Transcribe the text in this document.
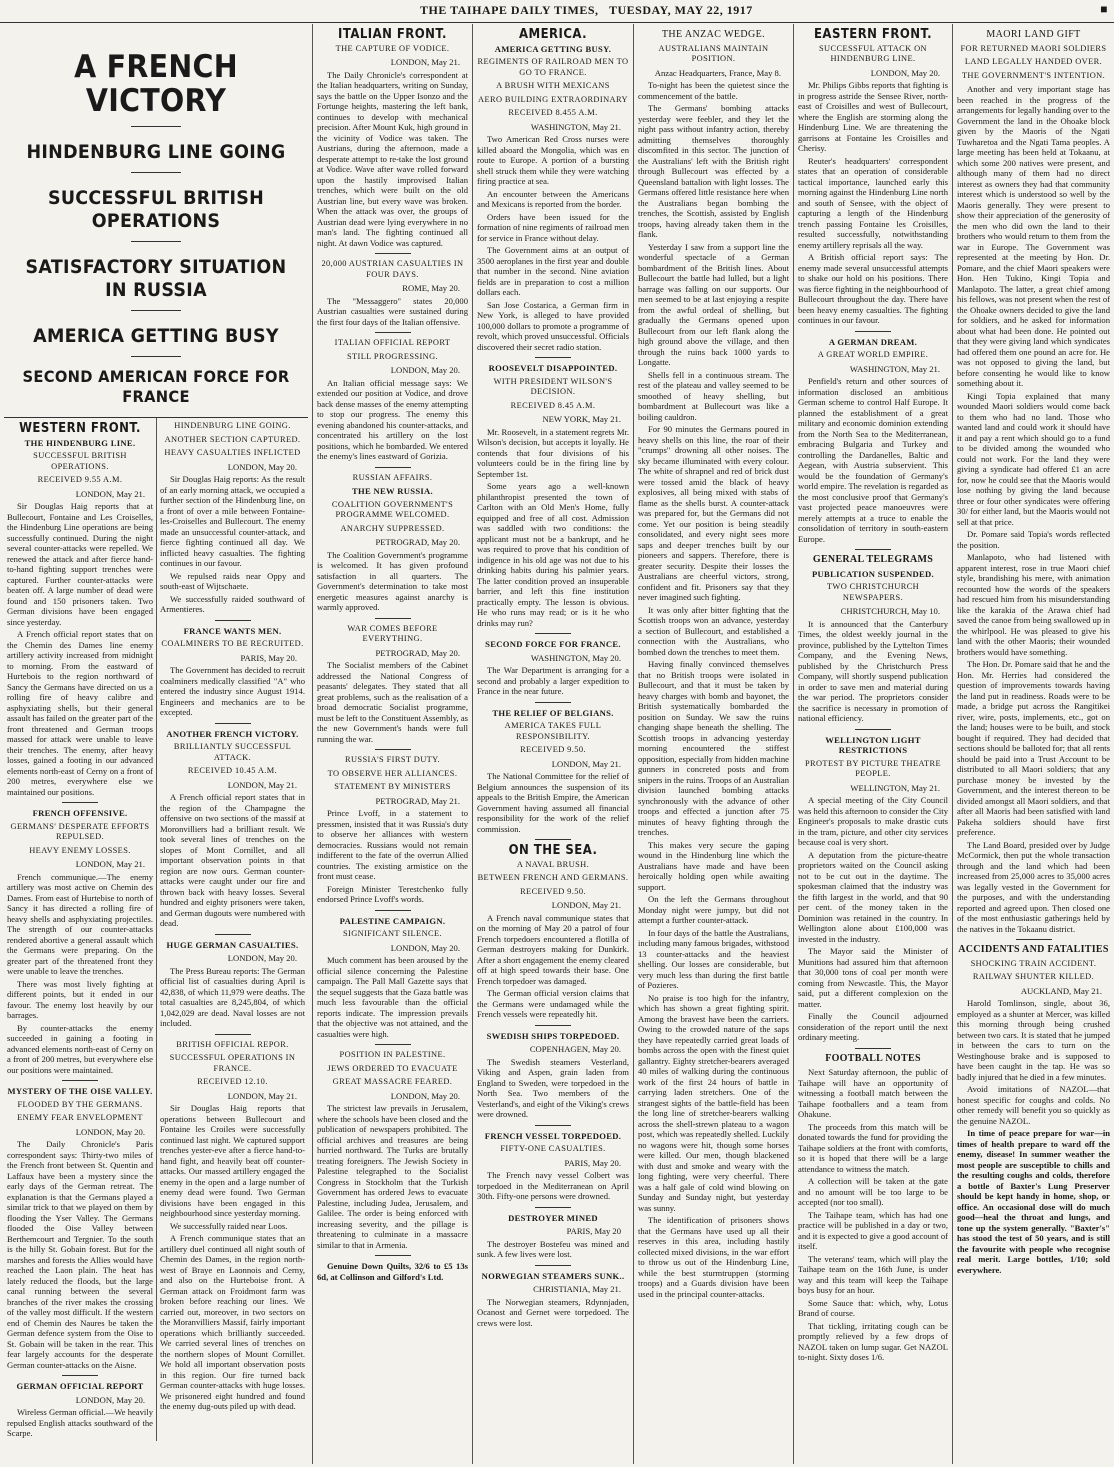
THE TAIHAPE DAILY TIMES, TUESDAY, MAY 22, 1917	■
A FRENCH VICTORY
HINDENBURG LINE GOING
SUCCESSFUL BRITISH OPERATIONS
SATISFACTORY SITUATION IN RUSSIA
AMERICA GETTING BUSY
SECOND AMERICAN FORCE FOR FRANCE
WESTERN FRONT.
THE HINDENBURG LINE.
SUCCESSFUL BRITISH OPERATIONS.
RECEIVED 9.55 A.M.
LONDON, May 21.

Sir Douglas Haig reports that at Bullecourt, Fontaine and Les Croiselles, the Hindenburg Line operations are being successfully continued. During the night several counter-attacks were repelled. We renewed the attack and after fierce hand-to-hand fighting support trenches were captured. Further counter-attacks were beaten off. A large number of dead were found and 150 prisoners taken. Two German divisions have been engaged since yesterday.

A French official report states that on the Chemin des Dames line enemy artillery activity increased from midnight to morning. From the eastward of Hurtebois to the region northward of Sancy the Germans have directed on us a rolling fire of heavy calibre and asphyxiating shells, but their general assault has failed on the greater part of the front threatened and German troops massed for attack were unable to leave their trenches. The enemy, after heavy losses, gained a footing in our advanced elements north-east of Cerny on a front of 200 metres, everywhere else we maintained our positions.

FRENCH OFFENSIVE.
GERMANS' DESPERATE EFFORTS REPULSED.
HEAVY ENEMY LOSSES.
LONDON, May 21.

French communique.—The enemy artillery was most active on Chemin des Dames. From east of Hurtebise to north of Sancy it has directed a rolling fire of heavy shells and asphyxiating projectiles. The strength of our counter-attacks rendered abortive a general assault which the Germans were preparing. On the greater part of the threatened front they were unable to leave the trenches.

There was most lively fighting at different points, but it ended in our favour. The enemy lost heavily by our barrages.

By counter-attacks the enemy succeeded in gaining a footing in advanced elements north-east of Cerny on a front of 200 metres, but everywhere else our positions were maintained.

MYSTERY OF THE OISE VALLEY.
FLOODED BY THE GERMANS.
ENEMY FEAR ENVELOPMENT
LONDON, May 20.

The Daily Chronicle's Paris correspondent says: Thirty-two miles of the French front between St. Quentin and Laffaux have been a mystery since the early days of the German retreat. The explanation is that the Germans played a similar trick to that we played on them by flooding the Yser Valley. The Germans flooded the Oise Valley between Berthemcourt and Tergnier. To the south is the hilly St. Gobain forest. But for the marshes and forests the Allies would have reached the Laon plain. The heat has lately reduced the floods, but the large canal running between the several branches of the river makes the crossing of the valley most difficult. If the western end of Chemin des Naures be taken the German defence system from the Oise to St. Gobain will be taken in the rear. This fear largely accounts for the desperate German counter-attacks on the Aisne.

GERMAN OFFICIAL REPORT
LONDON, May 20.

Wireless German official.—We heavily repulsed English attacks southward of the Scarpe.

HINDENBURG LINE GOING.
ANOTHER SECTION CAPTURED.
HEAVY CASUALTIES INFLICTED
LONDON, May 20.

Sir Douglas Haig reports: As the result of an early morning attack, we occupied a further section of the Hindenburg line, on a front of over a mile between Fontaine-les-Croiselles and Bullecourt. The enemy made an unsuccessful counter-attack, and fierce fighting continued all day. We inflicted heavy casualties. The fighting continues in our favour.

We repulsed raids near Oppy and south-east of Wijtschaete.

We successfully raided southward of Armentieres.

FRANCE WANTS MEN.
COALMINERS TO BE RECRUITED.
PARIS, May 20.

The Government has decided to recruit coalminers medically classified "A" who entered the industry since August 1914. Engineers and mechanics are to be excepted.

ANOTHER FRENCH VICTORY.
BRILLIANTLY SUCCESSFUL ATTACK.
RECEIVED 10.45 A.M.
LONDON, May 21.

A French official report states that in the region of the Champagne the offensive on two sections of the massif at Moronvilliers had a brilliant result. We took several lines of trenches on the slopes of Mont Cornillet, and all important observation points in that region are now ours. German counter-attacks were caught under our fire and thrown back with heavy losses. Several hundred and eighty prisoners were taken, and German dugouts were numbered with dead.

HUGE GERMAN CASUALTIES.
LONDON, May 20.

The Press Bureau reports: The German official list of casualties during April is 42,838, of which 11,979 were deaths. The total casualties are 8,245,804, of which 1,042,029 are dead. Naval losses are not included.

BRITISH OFFICIAL REPOR.
SUCCESSFUL OPERATIONS IN FRANCE.
RECEIVED 12.10.
LONDON, May 21.

Sir Douglas Haig reports that operations between Bullecourt and Fontaine les Croiles were successfully continued last night. We captured support trenches yester-eve after a fierce hand-to-hand fight, and heavily beat off counter-attacks. Our massed artillery engaged the enemy in the open and a large number of enemy dead were found. Two German divisions have been engaged in this neighbourhood since yesterday morning.

We successfully raided near Loos.

A French communique states that an artillery duel continued all night south of Chemin des Dames, in the region north-west of Braye en Laonnois and Cerny, and also on the Hurteboise front. A German attack on Froidmont farm was broken before reaching our lines. We carried out, moreover, in two sectors on the Moranvilliers Massif, fairly important operations which brilliantly succeeded. We carried several lines of trenches on the northern slopes of Mount Cornillet. We hold all important observation posts in this region. Our fire turned back German counter-attacks with huge losses. We prisonered eight hundred and found the enemy dug-outs piled up with dead.

ITALIAN FRONT.
THE CAPTURE OF VODICE.
LONDON, May 21.

The Daily Chronicle's correspondent at the Italian headquarters, writing on Sunday, says the battle on the Upper Isonzo and the Fortunge heights, mastering the left bank, continues to develop with mechanical precision. After Mount Kuk, high ground in the vicinity of Vodice was taken. The Austrians, during the afternoon, made a desperate attempt to re-take the lost ground at Vodice. Wave after wave rolled forward upon the hastily improvised Italian trenches, which were built on the old Austrian line, but every wave was broken. When the attack was over, the groups of Austrian dead were lying everywhere in no man's land. The fighting continued all night. At dawn Vodice was captured.

20,000 AUSTRIAN CASUALTIES IN FOUR DAYS.
ROME, May 20.

The "Messaggero" states 20,000 Austrian casualties were sustained during the first four days of the Italian offensive.

ITALIAN OFFICIAL REPORT
STILL PROGRESSING.
LONDON, May 20.

An Italian official message says: We extended our position at Vodice, and drove back dense masses of the enemy attempting to stop our progress. The enemy this evening abandoned his counter-attacks, and concentrated his artillery on the lost positions, which he bombarded. We entered the enemy's lines eastward of Gorizia.

RUSSIAN AFFAIRS.
THE NEW RUSSIA.
COALITION GOVERNMENT'S PROGRAMME WELCOMED.
ANARCHY SUPPRESSED.
PETROGRAD, May 20.

The Coalition Government's programme is welcomed. It has given profound satisfaction in all quarters. The Government's determination to take most energetic measures against anarchy is warmly approved.

WAR COMES BEFORE EVERYTHING.
PETROGRAD, May 20.

The Socialist members of the Cabinet addressed the National Congress of peasants' delegates. They stated that all great problems, such as the realisation of a broad democratic Socialist programme, must be left to the Constituent Assembly, as the new Government's hands were full running the war.

RUSSIA'S FIRST DUTY.
TO OBSERVE HER ALLIANCES.
STATEMENT BY MINISTERS
PETROGRAD, May 21.

Prince Lvoff, in a statement to pressmen, insisted that it was Russia's duty to observe her alliances with western democracies. Russians would not remain indifferent to the fate of the overrun Allied countries. The existing armistice on the front must cease.

Foreign Minister Terestchenko fully endorsed Prince Lvoff's words.

PALESTINE CAMPAIGN.
SIGNIFICANT SILENCE.
LONDON, May 20.

Much comment has been aroused by the official silence concerning the Palestine campaign. The Pall Mall Gazette says that the sequel suggests that the Gaza battle was much less favourable than the official reports indicate. The impression prevails that the objective was not attained, and the casualties were high.

POSITION IN PALESTINE.
JEWS ORDERED TO EVACUATE
GREAT MASSACRE FEARED.
LONDON, May 20.

The strictest law prevails in Jerusalem, where the schools have been closed and the publication of newspapers prohibited. The official archives and treasures are being hurried northward. The Turks are brutally treating foreigners. The Jewish Society in Palestine telegraphed to the Socialist Congress in Stockholm that the Turkish Government has ordered Jews to evacuate Palestine, including Judea, Jerusalem, and Galilee. The order is being enforced with increasing severity, and the pillage is threatening to culminate in a massacre similar to that in Armenia.

Genuine Down Quilts, 32/6 to £5 13s 6d, at Collinson and Gilford's Ltd.

AMERICA.
AMERICA GETTING BUSY.
REGIMENTS OF RAILROAD MEN TO GO TO FRANCE.
A BRUSH WITH MEXICANS
AERO BUILDING EXTRAORDINARY
RECEIVED 8.455 A.M.
WASHINGTON, May 21.

Two American Red Cross nurses were killed aboard the Mongolia, which was en route to Europe. A portion of a bursting shell struck them while they were watching firing practice at sea.

An encounter between the Americans and Mexicans is reported from the border.

Orders have been issued for the formation of nine regiments of railroad men for service in France without delay.

The Government aims at an output of 3500 aeroplanes in the first year and double that number in the second. Nine aviation fields are in preparation to cost a million dollars each.

San Jose Costarica, a German firm in New York, is alleged to have provided 100,000 dollars to promote a programme of revolt, which proved unsuccessful. Officials discovered their secret radio station.

ROOSEVELT DISAPPOINTED.
WITH PRESIDENT WILSON'S DECISION.
RECEIVED 8.45 A.M.
NEW YORK, May 21.

Mr. Roosevelt, in a statement regrets Mr. Wilson's decision, but accepts it loyally. He contends that four divisions of his volunteers could be in the firing line by September 1st.

Some years ago a well-known philanthropist presented the town of Carlton with an Old Men's Home, fully equipped and free of all cost. Admission was saddled with two conditions: the applicant must not be a bankrupt, and he was required to prove that his condition of indigence in his old age was not due to his drinking habits during his palmier years. The latter condition proved an insuperable barrier, and left this fine institution practically empty. The lesson is obvious. He who runs may read; or is it he who drinks may run?

SECOND FORCE FOR FRANCE.
WASHINGTON, May 20.

The War Department is arranging for a second and probably a larger expedition to France in the near future.

THE RELIEF OF BELGIANS.
AMERICA TAKES FULL RESPONSIBILITY.
RECEIVED 9.50.
LONDON, May 21.

The National Committee for the relief of Belgium announces the suspension of its appeals to the British Empire, the American Government having assumed all financial responsibility for the work of the relief commission.

ON THE SEA.
A NAVAL BRUSH.
BETWEEN FRENCH AND GERMANS.
RECEIVED 9.50.
LONDON, May 21.

A French naval communique states that on the morning of May 20 a patrol of four French torpedoers encountered a flotilla of German destroyers making for Dunkirk. After a short engagement the enemy cleared off at high speed towards their base. One French torpedoer was damaged.

The German official version claims that the Germans were undamaged while the French vessels were repeatedly hit.

SWEDISH SHIPS TORPEDOED.
COPENHAGEN, May 20.

The Swedish steamers Vesterland, Viking and Aspen, grain laden from England to Sweden, were torpedoed in the North Sea. Two members of the Vesterland's, and eight of the Viking's crews were drowned.

FRENCH VESSEL TORPEDOED.
FIFTY-ONE CASUALTIES.
PARIS, May 20.

The French navy vessel Colbert was torpedoed in the Mediterranean on April 30th. Fifty-one persons were drowned.

DESTROYER MINED
PARIS, May 20

The destroyer Bostefeu was mined and sunk. A few lives were lost.

NORWEGIAN STEAMERS SUNK..
CHRISTIANIA, May 21.

The Norwegian steamers, Rdynnjaden, Ocanost and Gernet were torpedoed. The crews were lost.

THE ANZAC WEDGE.
AUSTRALIANS MAINTAIN POSITION.
Anzac Headquarters, France, May 8.

To-night has been the quietest since the commencement of the battle.

The Germans' bombing attacks yesterday were feebler, and they let the night pass without infantry action, thereby admitting themselves thoroughly discomfited in this sector. The junction of the Australians' left with the British right through Bullecourt was effected by a Queensland battalion with light losses. The Germans offered little resistance here when the Australians began bombing the trenches, the Scottish, assisted by English troops, having already taken them in the flank.

Yesterday I saw from a support line the wonderful spectacle of a German bombardment of the British lines. About Bullecourt the battle had lulled, but a light barrage was falling on our supports. Our men seemed to be at last enjoying a respite from the awful ordeal of shelling, but gradually the Germans opened upon Bullecourt from our left flank along the high ground above the village, and then through the ruins back 1000 yards to Longatte.

Shells fell in a continuous stream. The rest of the plateau and valley seemed to be smoothed of heavy shelling, but bombardment at Bullecourt was like a boiling cauldron.

For 90 minutes the Germans poured in heavy shells on this line, the roar of their "crumps" drowning all other noises. The sky became illuminated with every colour. The white of shrapnel and red of brick dust were tossed amid the black of heavy explosives, all being mixed with stabs of flame as the shells burst. A counter-attack was prepared for, but the Germans did not come. Yet our position is being steadily consolidated, and every night sees more saps and deeper trenches built by our pioneers and sappers. Therefore, there is greater security. Despite their losses the Australians are cheerful victors, strong, confident and fit. Prisoners say that they never imagined such fighting.

It was only after bitter fighting that the Scottish troops won an advance, yesterday a section of Bullecourt, and established a connection with the Australians, who bombed down the trenches to meet them.

Having finally convinced themselves that no British troops were isolated in Bullecourt, and that it must be taken by heavy charges with bomb and bayonet, the British systematically bombarded the position on Sunday. We saw the ruins changing shape beneath the shelling. The Scottish troops in advancing yesterday morning encountered the stiffest opposition, especially from hidden machine gunners in concreted posts and from snipers in the ruins. Troops of an Australian division launched bombing attacks synchronously with the advance of other troops and effected a junction after 75 minutes of heavy fighting through the trenches.

This makes very secure the gaping wound in the Hindenburg line which the Australians have made and have been heroically holding open while awaiting support.

On the left the Germans throughout Monday night were jumpy, but did not attempt a further counter-attack.

In four days of the battle the Australians, including many famous brigades, withstood 13 counter-attacks and the heaviest shelling. Our losses are considerable, but very much less than during the first battle of Pozieres.

No praise is too high for the infantry, which has shown a great fighting spirit. Among the bravest have been the carriers. Owing to the crowded nature of the saps they have repeatedly carried great loads of bombs across the open with the finest quiet gallantry. Eighty stretcher-bearers averaged 40 miles of walking during the continuous work of the first 24 hours of battle in carrying laden stretchers. One of the strangest sights of the battle-field has been the long line of stretcher-bearers walking across the shell-strewn plateau to a wagon post, which was repeatedly shelled. Luckily no wagons were hit, though some horses were killed. Our men, though blackened with dust and smoke and weary with the long fighting, were very cheerful. There was a half gale of cold wind blowing on Sunday and Sunday night, but yesterday was sunny.

The identification of prisoners shows that the Germans have used up all their reserves in this area, including hastily collected mixed divisions, in the war effort to throw us out of the Hindenburg Line, while the best sturmtruppen (storming troops) and a Guards division have been used in the principal counter-attacks.

EASTERN FRONT.
SUCCESSFUL ATTACK ON HINDENBURG LINE.
LONDON, May 20.

Mr. Philips Gibbs reports that fighting is in progress astride the Sensee River, north-east of Croisilles and west of Bullecourt, where the English are storming along the Hindenburg Line. We are threatening the garrisons at Fontaine les Croisilles and Cherisy.

Reuter's headquarters' correspondent states that an operation of considerable tactical importance, launched early this morning against the Hindenburg Line north and south of Sensee, with the object of capturing a length of the Hindenburg trench passing Fontaine les Croisilles, resulted successfully, notwithstanding enemy artillery reprisals all the way.

A British official report says: The enemy made several unsuccessful attempts to shake our hold on his positions. There was fierce fighting in the neighbourhood of Bullecourt throughout the day. There have been heavy enemy casualties. The fighting continues in our favour.

A GERMAN DREAM.
A GREAT WORLD EMPIRE.
WASHINGTON, May 21.

Penfield's return and other sources of information disclosed an ambitious German scheme to control Half Europe. It planned the establishment of a great military and economic dominion extending from the North Sea to the Mediterranean, embracing Bulgaria and Turkey and controlling the Dardanelles, Baltic and Aegean, with Austria subservient. This would be the foundation of Germany's world empire. The revelation is regarded as the most conclusive proof that Germany's vast projected peace manoeuvres were merely attempts at a truce to enable the consolidation of territory in south-eastern Europe.

GENERAL TELEGRAMS
PUBLICATION SUSPENDED.
TWO CHRISTCHURCH NEWSPAPERS.
CHRISTCHURCH, May 10.

It is announced that the Canterbury Times, the oldest weekly journal in the province, published by the Lyttelton Times Company, and the Evening News, published by the Christchurch Press Company, will shortly suspend publication in order to save men and material during the war period. The proprietors consider the sacrifice is necessary in promotion of national efficiency.

WELLINGTON LIGHT RESTRICTIONS
PROTEST BY PICTURE THEATRE PEOPLE.
WELLINGTON, May 21.

A special meeting of the City Council was held this afternoon to consider the City Engineer's proposals to make drastic cuts in the tram, picture, and other city services because coal is very short.

A deputation from the picture-theatre proprietors waited on the Council asking not to be cut out in the daytime. The spokesman claimed that the industry was the fifth largest in the world, and that 90 per cent. of the money taken in the Dominion was retained in the country. In Wellington alone about £100,000 was invested in the industry.

The Mayor said the Minister of Munitions had assured him that afternoon that 30,000 tons of coal per month were coming from Newcastle. This, the Mayor said, put a different complexion on the matter.

Finally the Council adjourned consideration of the report until the next ordinary meeting.

FOOTBALL NOTES

Next Saturday afternoon, the public of Taihape will have an opportunity of witnessing a football match between the Taihape footballers and a team from Ohakune.

The proceeds from this match will be donated towards the fund for providing the Taihape soldiers at the front with comforts, so it is hoped that there will be a large attendance to witness the match.

A collection will be taken at the gate and no amount will be too large to be accepted (nor too small).

The Taihape team, which has had one practice will be published in a day or two, and it is expected to give a good account of itself.

The veterans' team, which will play the Taihape team on the 16th June, is under way and this team will keep the Taihape boys busy for an hour.

Some Sauce that: which, why, Lotus Brand of course.

That tickling, irritating cough can be promptly relieved by a few drops of NAZOL taken on lump sugar. Get NAZOL to-night. Sixty doses 1/6.

MAORI LAND GIFT
FOR RETURNED MAORI SOLDIERS
LAND LEGALLY HANDED OVER.
THE GOVERNMENT'S INTENTION.

Another and very important stage has been reached in the progress of the arrangements for legally handing over to the Government the land in the Ohoake block given by the Maoris of the Ngati Tuwharetoa and the Ngati Tama peoples. A large meeting has been held at Tokaanu, at which some 200 natives were present, and although many of them had no direct interest as owners they had that community interest which is understood so well by the Maoris generally. They were present to show their appreciation of the generosity of the men who did own the land to their brothers who would return to them from the war in Europe. The Government was represented at the meeting by Hon. Dr. Pomare, and the chief Maori speakers were Hon. Hen Tukino, Kingi Topia and Manlapoto. The latter, a great chief among his fellows, was not present when the rest of the Ohoake owners decided to give the land for soldiers, and he asked for information about what had been done. He pointed out that they were giving land which syndicates had offered them one pound an acre for. He was not opposed to giving the land, but before consenting he would like to know something about it.

Kingi Topia explained that many wounded Maori soldiers would come back to them who had no land. Those who wanted land and could work it should have it and pay a rent which should go to a fund to be divided among the wounded who could not work. For the land they were giving a syndicate had offered £1 an acre for, now he could see that the Maoris would lose nothing by giving the land because three or four other syndicates were offering 30/ for either land, but the Maoris would not sell at that price.

Dr. Pomare said Topia's words reflected the position.

Manlapoto, who had listened with apparent interest, rose in true Maori chief style, brandishing his mere, with animation recounted how the words of the speakers had rescued him from his misunderstanding like the karakia of the Arawa chief had saved the canoe from being swallowed up in the whirlpool. He was pleased to give his land with the other Maoris; their wounded brothers would have something.

The Hon. Dr. Pomare said that he and the Hon. Mr. Herries had considered the question of improvements towards having the land put in readiness. Roads were to be made, a bridge put across the Rangitikei river, wire, posts, implements, etc., got on the land; houses were to be built, and stock bought if required. They had decided that sections should be balloted for; that all rents should be paid into a Trust Account to be distributed to all Maori soldiers; that any purchase money be invested by the Government, and the interest thereon to be divided amongst all Maori soldiers, and that after all Maoris had been satisfied with land Pakeha soldiers should have first preference.

The Land Board, presided over by Judge McCormick, then put the whole transaction through and the land which had been increased from 25,000 acres to 35,000 acres was legally vested in the Government for the purposes, and with the understanding reported and agreed upon. Then closed one of the most enthusiastic gatherings held by the natives in the Tokaanu district.

ACCIDENTS AND FATALITIES
SHOCKING TRAIN ACCIDENT.
RAILWAY SHUNTER KILLED.
AUCKLAND, May 21.

Harold Tomlinson, single, about 36, employed as a shunter at Mercer, was killed this morning through being crushed between two cars. It is stated that he jumped in between the cars to turn on the Westinghouse brake and is supposed to have been caught in the tap. He was so badly injured that he died in a few minutes.

Avoid imitations of NAZOL—that honest specific for coughs and colds. No other remedy will benefit you so quickly as the genuine NAZOL.

In time of peace prepare for war—in times of health prepare to ward off the enemy, disease! In summer weather the most people are susceptible to chills and the resulting coughs and colds, therefore a bottle of Baxter's Lung Preserver should be kept handy in home, shop, or office. An occasional dose will do much good—heal the throat and lungs, and tone up the system generally. "Baxter's" has stood the test of 50 years, and is still the favourite with people who recognise real merit. Large bottles, 1/10; sold everywhere.
